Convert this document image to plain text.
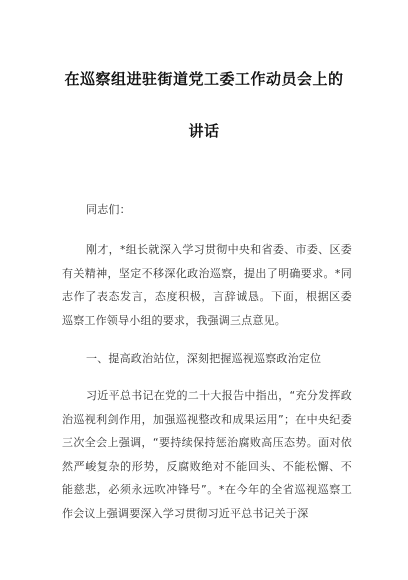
在巡察组进驻街道党工委工作动员会上的
讲话

同志们：

刚才，*组长就深入学习贯彻中央和省委、市委、区委有关精神，坚定不移深化政治巡察，提出了明确要求。*同志作了表态发言，态度积极，言辞诚恳。下面，根据区委巡察工作领导小组的要求，我强调三点意见。

一、提高政治站位，深刻把握巡视巡察政治定位

习近平总书记在党的二十大报告中指出，“充分发挥政治巡视利剑作用，加强巡视整改和成果运用”；在中央纪委三次全会上强调，“要持续保持惩治腐败高压态势。面对依然严峻复杂的形势，反腐败绝对不能回头、不能松懈、不能慈悲，必须永远吹冲锋号”。*在今年的全省巡视巡察工作会议上强调要深入学习贯彻习近平总书记关于深
